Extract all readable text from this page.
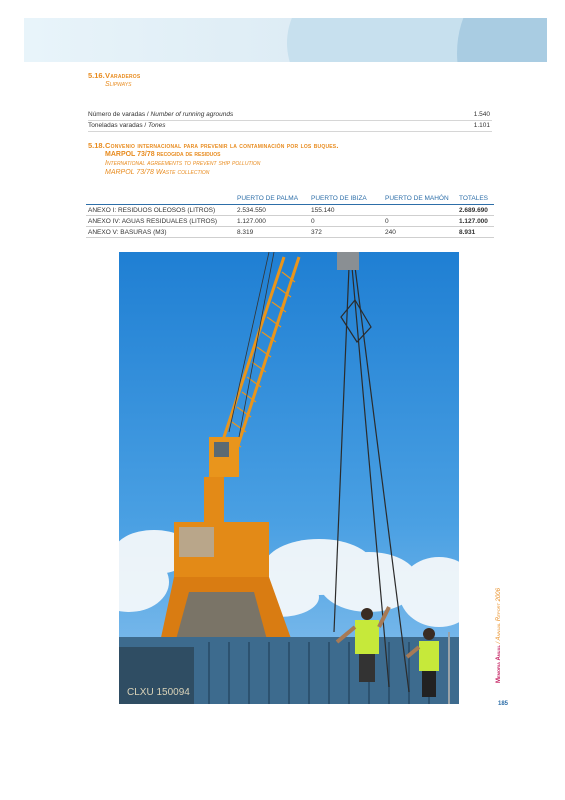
5.16.Varaderos
Slipways
Número de varadas / Number of running agrounds	1.540
Toneladas varadas / Tones	1.101
5.18.Convenio internacional para prevenir la contaminación por los buques.
MARPOL 73/78 recogida de residuos
International agreements to prevent ship pollution
MARPOL 73/78 Waste collection
	PUERTO DE PALMA	PUERTO DE IBIZA	PUERTO DE MAHÓN	TOTALES
ANEXO I: RESIDUOS OLEOSOS (LITROS)	2.534.550	155.140		2.689.690
ANEXO IV: AGUAS RESIDUALES (LITROS)	1.127.000	0	0	1.127.000
ANEXO V: BASURAS (M3)	8.319	372	240	8.931
CLXU 150094
Memoria Anual / Annual Report 2006
185
